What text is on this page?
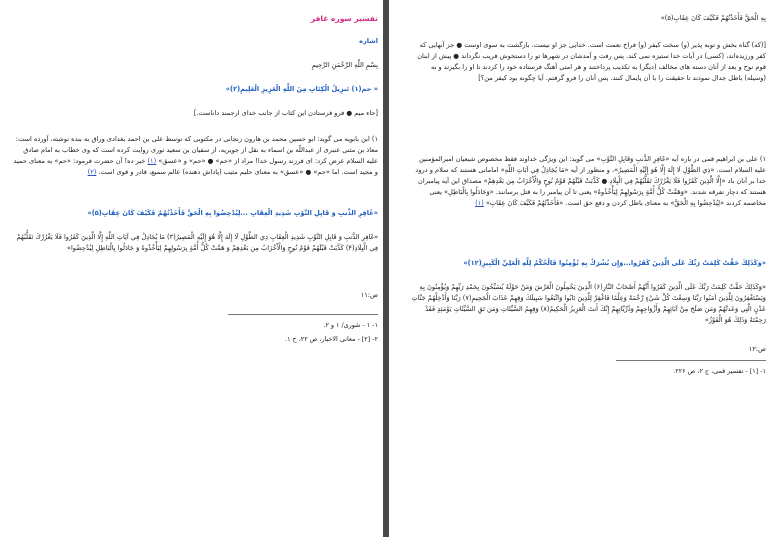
تفسير سوره غافر

اشاره

بِسْمِ اللَّهِ الرَّحْمَنِ الرَّحِيمِ

« حم(۱) تَنزِيلُ الْكِتَابِ مِنَ اللَّهِ الْعَزِيزِ الْعَلِيمِ(۲)»

[حاء میم ● فرو فرستادن این کتاب از جانب خدای ارجمند داناست.]

۱) ابن بابویه می گوید: ابو حسین محمد بن هارون زنجانی در مکتوبی که توسط علی بن احمد بغدادی وراق به بنده نوشته، آورده است: معاذ بن مثنی عنبری از عبداللّه بن اسماء به نقل از جویریه، از سفیان بن سعید ثوری روایت کرده است که وی خطاب به امام صادق علیه السلام عرض کرد: ای فرزند رسول خدا! مراد از «حم» ● «حم» و «عسق» (۱) خبر ده! آن حضرت فرمود: «حم» به معنای حمید و مجید است. اما «حم» ● «عسق» به معنای حلیم مثیب (پاداش دهنده) عالم سمیع، قادر و قوی است. (۲)

«غَافِرِ الذَّنبِ وَ قَابِلِ التَّوْبِ شَدِيدِ الْعِقَابِ ...لِيُدْحِضُوا بِهِ الْحَقَّ فَأَخَذْتُهُمْ فَكَيْفَ كَانَ عِقَابِ(۵)»

«غَافِرِ الذَّنبِ وَ قَابِلِ التَّوْبِ شَدِيدِ الْعِقَابِ ذِي الطَّوْلِ لَا إِلَهَ إِلَّا هُوَ إِلَيْهِ الْمَصِيرُ(۳) مَا يُجَادِلُ فِي آيَاتِ اللَّهِ إِلَّا الَّذِينَ كَفَرُوا فَلَا يَغْرُرْكَ تَقَلُّبُهُمْ فِي الْبِلَادِ(۴) كَذَّبَتْ قَبْلَهُمْ قَوْمُ نُوحٍ وَالْأَحْزَابُ مِن بَعْدِهِمْ وَ هَمَّتْ كُلُّ أُمَّةٍ بِرَسُولِهِمْ لِيَأْخُذُوهُ وَ جَادَلُوا بِالْبَاطِلِ لِيُدْحِضُوا»

ص:۱۱

۱- ۱ - شوری/ ۱ و ۲.

۲- [۲] - معانی الاخبار، ص ۲۲، ح ۱.

بِهِ الْحَقَّ فَأَخَذْتُهُمْ فَكَيْفَ كَانَ عِقَابِ(۵)»

[(که) گناه بخش و توبه پذیر (و) سخت کیفر (و) فراخ نعمت است. خدایی جز او نیست. بازگشت به سوی اوست ● جز آنهایی که کفر ورزیده‌اند، (کسی) در آیات خدا ستیزه نمی کند. پس رفت و آمدشان در شهرها تو را دستخوش فریب نگرداند ● پیش از اینان قوم نوح و بعد از آنان دسته های مخالف (دیگر) به تکذیب پرداختند و هر امتی آهنگ فرستاده خود را کردند تا او را بگیرند و به (وسیله) باطل جدال نمودند تا حقیقت را با آن پایمال کنند. پس آنان را فرو گرفتم. آیا چگونه بود کیفر من؟]

۱) علی بن ابراهیم قمی در باره آیه «غَافِرِ الذَّنبِ وَقَابِلِ التَّوْبِ» می گوید: این ویژگی خداوند فقط مخصوص شیعیان امیرالمؤمنین علیه السلام است. «ذِي الطَّوْلِ لَا إِلَهَ إِلَّا هُوَ إِلَيْهِ الْمَصِيرُ»، و منظور از آیه «مَا يُجَادِلُ فِي آيَاتِ اللَّهِ» امامانی هستند که سلام و درود خدا بر آنان باد «إِلَّا الَّذِينَ كَفَرُوا فَلَا يَغْرُرْكَ تَقَلُّبُهُمْ فِي الْبِلَادِ ● كَذَّبَتْ قَبْلَهُمْ قَوْمُ نُوحٍ وَالْأَحْزَابُ مِن بَعْدِهِمْ» مصداق این آیه پیامبران هستند که دچار تفرقه شدند. «وَهَمَّتْ كُلُّ أُمَّةٍ بِرَسُولِهِمْ لِيَأْخُذُوهُ» یعنی تا آن پیامبر را به قتل برسانند. «وَجَادَلُوا بِالْبَاطِلِ» یعنی مخاصمه کردند «لِيُدْحِضُوا بِهِ الْحَقَّ» به معنای باطل کردن و دفع حق است. «فَأَخَذْتُهُمْ فَكَيْفَ كَانَ عِقَابِ» (۱)

«وَكَذَلِكَ حَقَّتْ كَلِمَتُ رَبِّكَ عَلَى الَّذِينَ كَفَرُوا...وَإِن يُشْرَكْ بِهِ تُؤْمِنُوا فَالْحُكْمُ لِلَّهِ الْعَلِيِّ الْكَبِيرِ(۱۲)»

«وَكَذَلِكَ حَقَّتْ كَلِمَتُ رَبِّكَ عَلَى الَّذِينَ كَفَرُوا أَنَّهُمْ أَصْحَابُ النَّارِ(۶) الَّذِينَ يَحْمِلُونَ الْعَرْشَ وَمَنْ حَوْلَهُ يُسَبِّحُونَ بِحَمْدِ رَبِّهِمْ وَيُؤْمِنُونَ بِهِ وَيَسْتَغْفِرُونَ لِلَّذِينَ آمَنُوا رَبَّنَا وَسِعْتَ كُلَّ شَيْءٍ رَّحْمَةً وَعِلْمًا فَاغْفِرْ لِلَّذِينَ تَابُوا وَاتَّبَعُوا سَبِيلَكَ وَقِهِمْ عَذَابَ الْجَحِيمِ(۷) رَبَّنَا وَأَدْخِلْهُمْ جَنَّاتِ عَدْنٍ الَّتِي وَعَدتَّهُمْ وَمَن صَلَحَ مِنْ آبَائِهِمْ وَأَزْوَاجِهِمْ وَذُرِّيَّاتِهِمْ إِنَّكَ أَنتَ الْعَزِيزُ الْحَكِيمُ(۸) وَقِهِمُ السَّيِّئَاتِ وَمَن تَقِ السَّيِّئَاتِ يَوْمَئِذٍ فَقَدْ رَحِمْتَهُ وَذَلِكَ هُوَ الْفَوْزُ»

ص:۱۲

۱- [۱] - تفسیر قمی، ج ۲، ص ۲۲۶.
